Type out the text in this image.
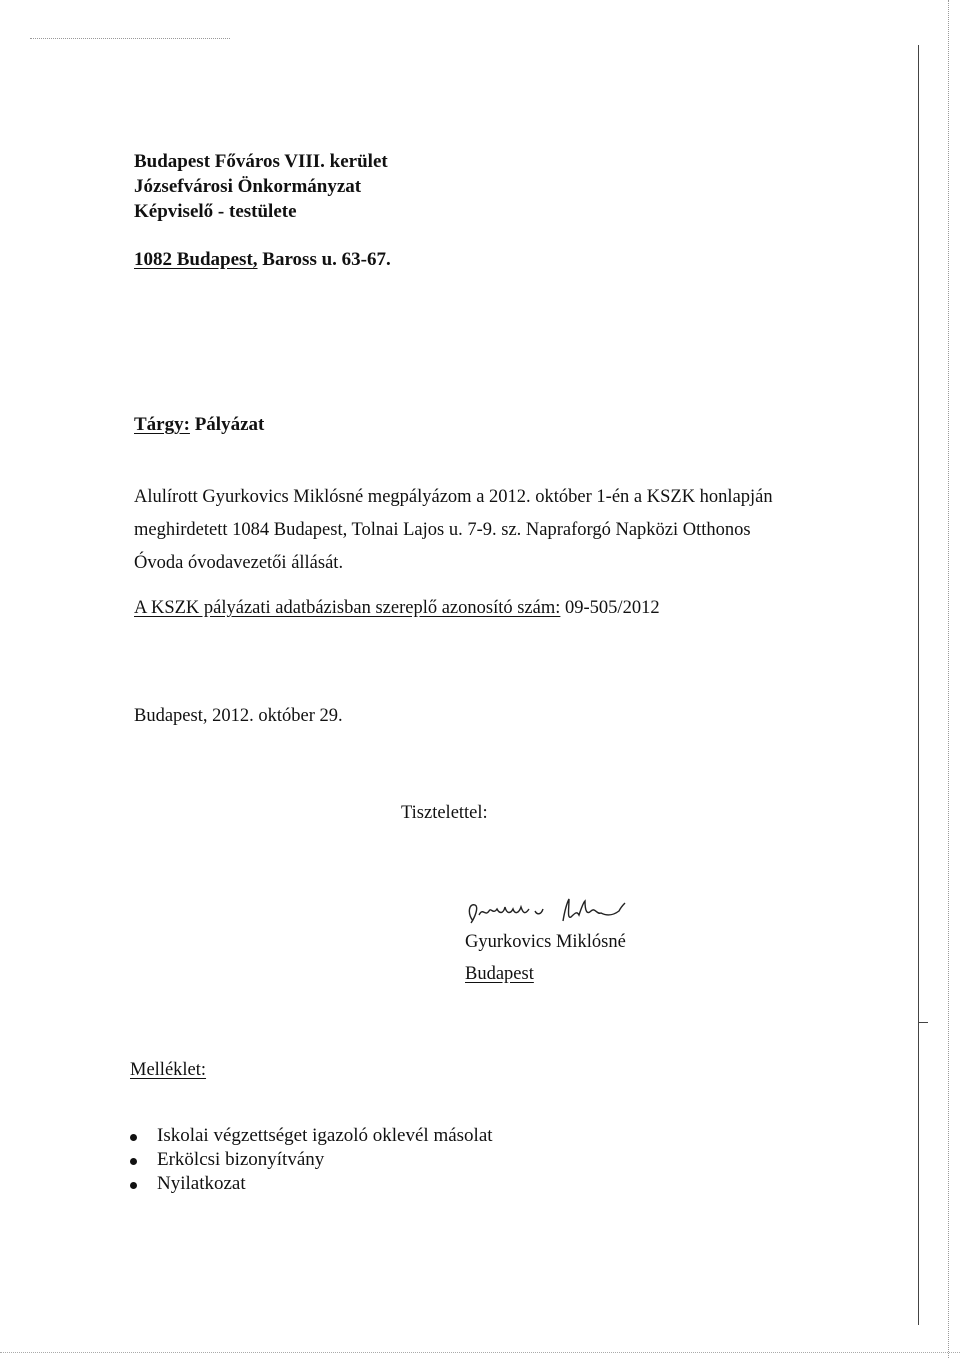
Budapest Főváros VIII. kerület
Józsefvárosi Önkormányzat
Képviselő - testülete
1082 Budapest, Baross u. 63-67.
Tárgy: Pályázat
Alulírott Gyurkovics Miklósné megpályázom a 2012. október 1-én a KSZK honlapján
meghirdetett 1084 Budapest, Tolnai Lajos u. 7-9. sz. Napraforgó Napközi Otthonos
Óvoda óvodavezetői állását.
A KSZK pályázati adatbázisban szereplő azonosító szám: 09-505/2012
Budapest, 2012. október 29.
Tisztelettel:
Gyurkovics Miklósné
Budapest
Melléklet:
Iskolai végzettséget igazoló oklevél másolat
Erkölcsi bizonyítvány
Nyilatkozat
